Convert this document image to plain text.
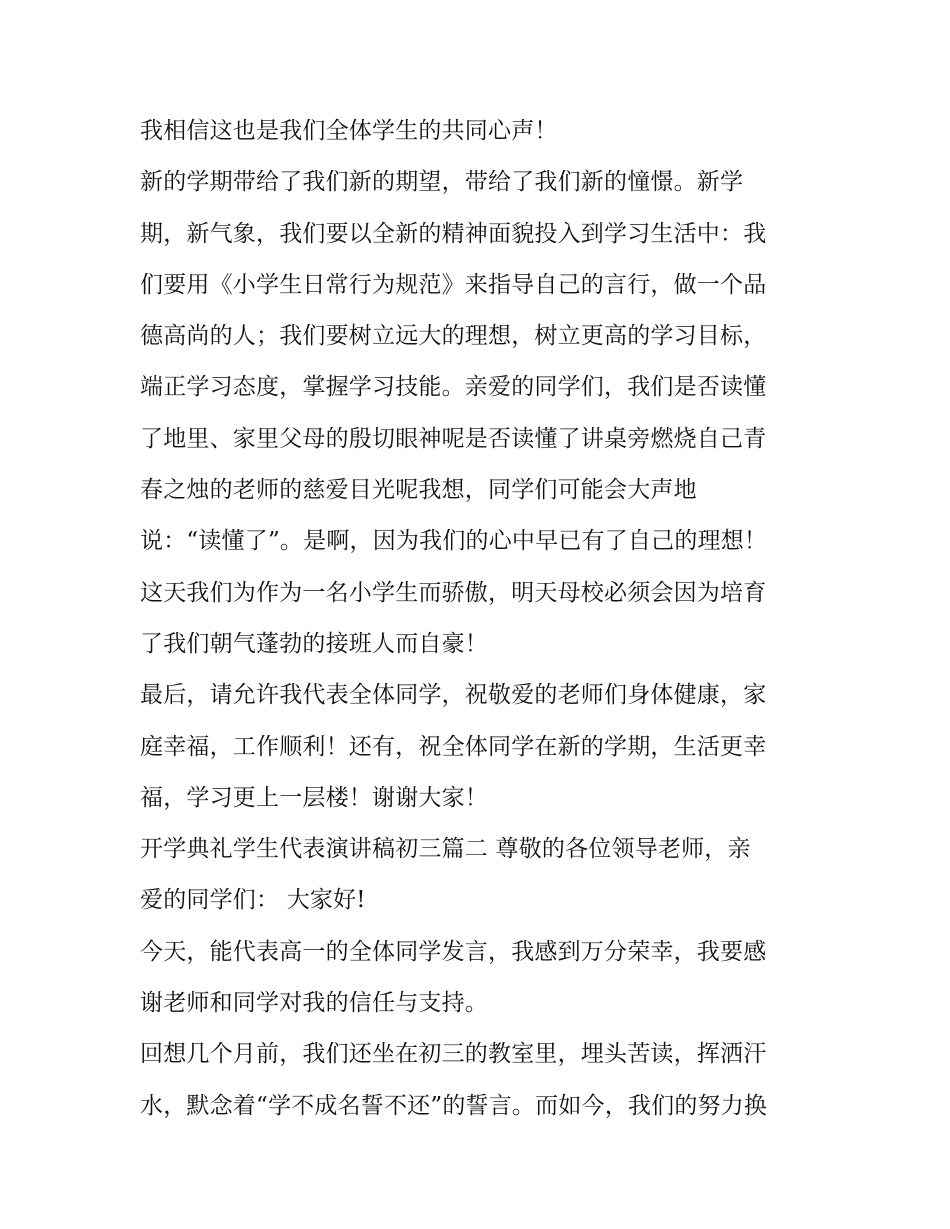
我相信这也是我们全体学生的共同心声！
新的学期带给了我们新的期望，带给了我们新的憧憬。新学
期，新气象，我们要以全新的精神面貌投入到学习生活中：我
们要用《小学生日常行为规范》来指导自己的言行，做一个品
德高尚的人；我们要树立远大的理想，树立更高的学习目标，
端正学习态度，掌握学习技能。亲爱的同学们，我们是否读懂
了地里、家里父母的殷切眼神呢是否读懂了讲桌旁燃烧自己青
春之烛的老师的慈爱目光呢我想，同学们可能会大声地
说：“读懂了”。是啊，因为我们的心中早已有了自己的理想！
这天我们为作为一名小学生而骄傲，明天母校必须会因为培育
了我们朝气蓬勃的接班人而自豪！
最后，请允许我代表全体同学，祝敬爱的老师们身体健康，家
庭幸福，工作顺利！还有，祝全体同学在新的学期，生活更幸
福，学习更上一层楼！谢谢大家！
开学典礼学生代表演讲稿初三篇二 尊敬的各位领导老师，亲
爱的同学们： 大家好!
今天，能代表高一的全体同学发言，我感到万分荣幸，我要感
谢老师和同学对我的信任与支持。
回想几个月前，我们还坐在初三的教室里，埋头苦读，挥洒汗
水，默念着“学不成名誓不还”的誓言。而如今，我们的努力换
